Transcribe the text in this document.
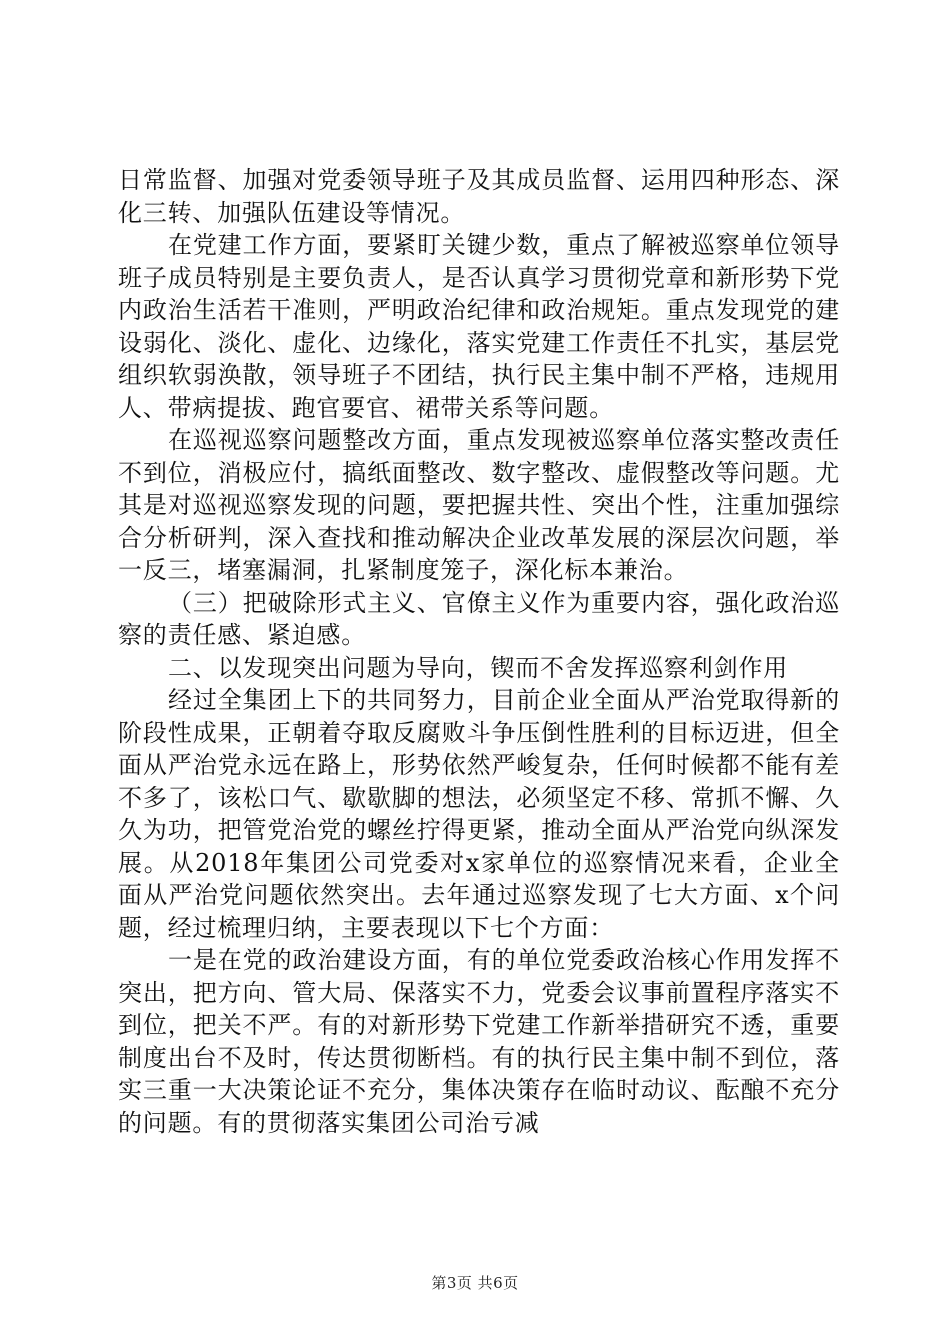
日常监督、加强对党委领导班子及其成员监督、运用四种形态、深化三转、加强队伍建设等情况。

在党建工作方面，要紧盯关键少数，重点了解被巡察单位领导班子成员特别是主要负责人，是否认真学习贯彻党章和新形势下党内政治生活若干准则，严明政治纪律和政治规矩。重点发现党的建设弱化、淡化、虚化、边缘化，落实党建工作责任不扎实，基层党组织软弱涣散，领导班子不团结，执行民主集中制不严格，违规用人、带病提拔、跑官要官、裙带关系等问题。

在巡视巡察问题整改方面，重点发现被巡察单位落实整改责任不到位，消极应付，搞纸面整改、数字整改、虚假整改等问题。尤其是对巡视巡察发现的问题，要把握共性、突出个性，注重加强综合分析研判，深入查找和推动解决企业改革发展的深层次问题，举一反三，堵塞漏洞，扎紧制度笼子，深化标本兼治。

（三）把破除形式主义、官僚主义作为重要内容，强化政治巡察的责任感、紧迫感。

二、以发现突出问题为导向，锲而不舍发挥巡察利剑作用

经过全集团上下的共同努力，目前企业全面从严治党取得新的阶段性成果，正朝着夺取反腐败斗争压倒性胜利的目标迈进，但全面从严治党永远在路上，形势依然严峻复杂，任何时候都不能有差不多了，该松口气、歇歇脚的想法，必须坚定不移、常抓不懈、久久为功，把管党治党的螺丝拧得更紧，推动全面从严治党向纵深发展。从2018年集团公司党委对x家单位的巡察情况来看，企业全面从严治党问题依然突出。去年通过巡察发现了七大方面、x个问题，经过梳理归纳，主要表现以下七个方面：

一是在党的政治建设方面，有的单位党委政治核心作用发挥不突出，把方向、管大局、保落实不力，党委会议事前置程序落实不到位，把关不严。有的对新形势下党建工作新举措研究不透，重要制度出台不及时，传达贯彻断档。有的执行民主集中制不到位，落实三重一大决策论证不充分，集体决策存在临时动议、酝酿不充分的问题。有的贯彻落实集团公司治亏减

第3页 共6页
